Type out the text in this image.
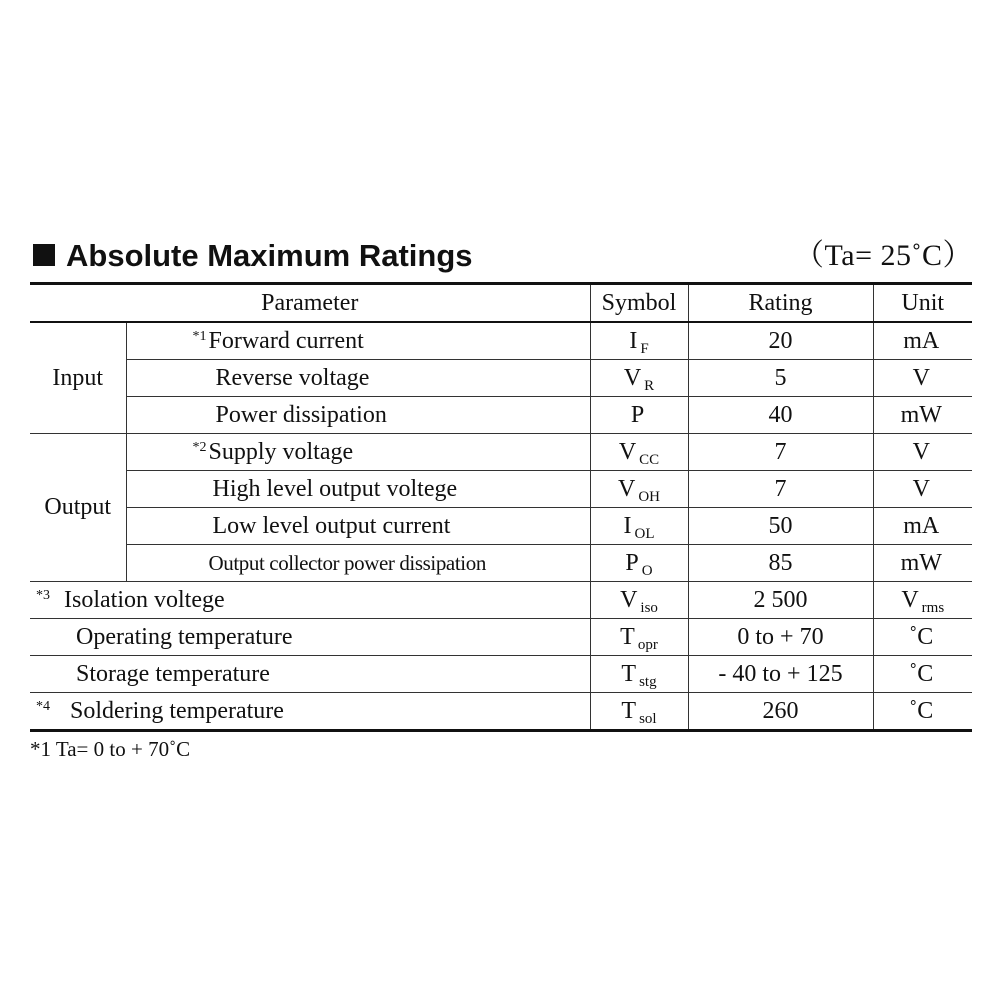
Absolute Maximum Ratings	（Ta= 25˚C）
Parameter		Symbol	Rating	Unit
Input	$^{*1}$Forward current	I $_F$	20	mA
	Reverse voltage	V $_R$	5	V
	Power dissipation	P	40	mW
Output	$^{*2}$Supply voltage	V $_{CC}$	7	V
	High level output voltege	V $_{OH}$	7	V
	Low level output current	I $_{OL}$	50	mA
	Output collector power dissipation	P $_O$	85	mW
$^{*3}$ Isolation voltege		V $_{iso}$	2 500	V $_{rms}$
Operating temperature		T $_{opr}$	0 to + 70	˚C
Storage temperature		T $_{stg}$	- 40 to + 125	˚C
$^{*4}$ Soldering temperature		T $_{sol}$	260	˚C
*1 Ta= 0 to + 70˚C
